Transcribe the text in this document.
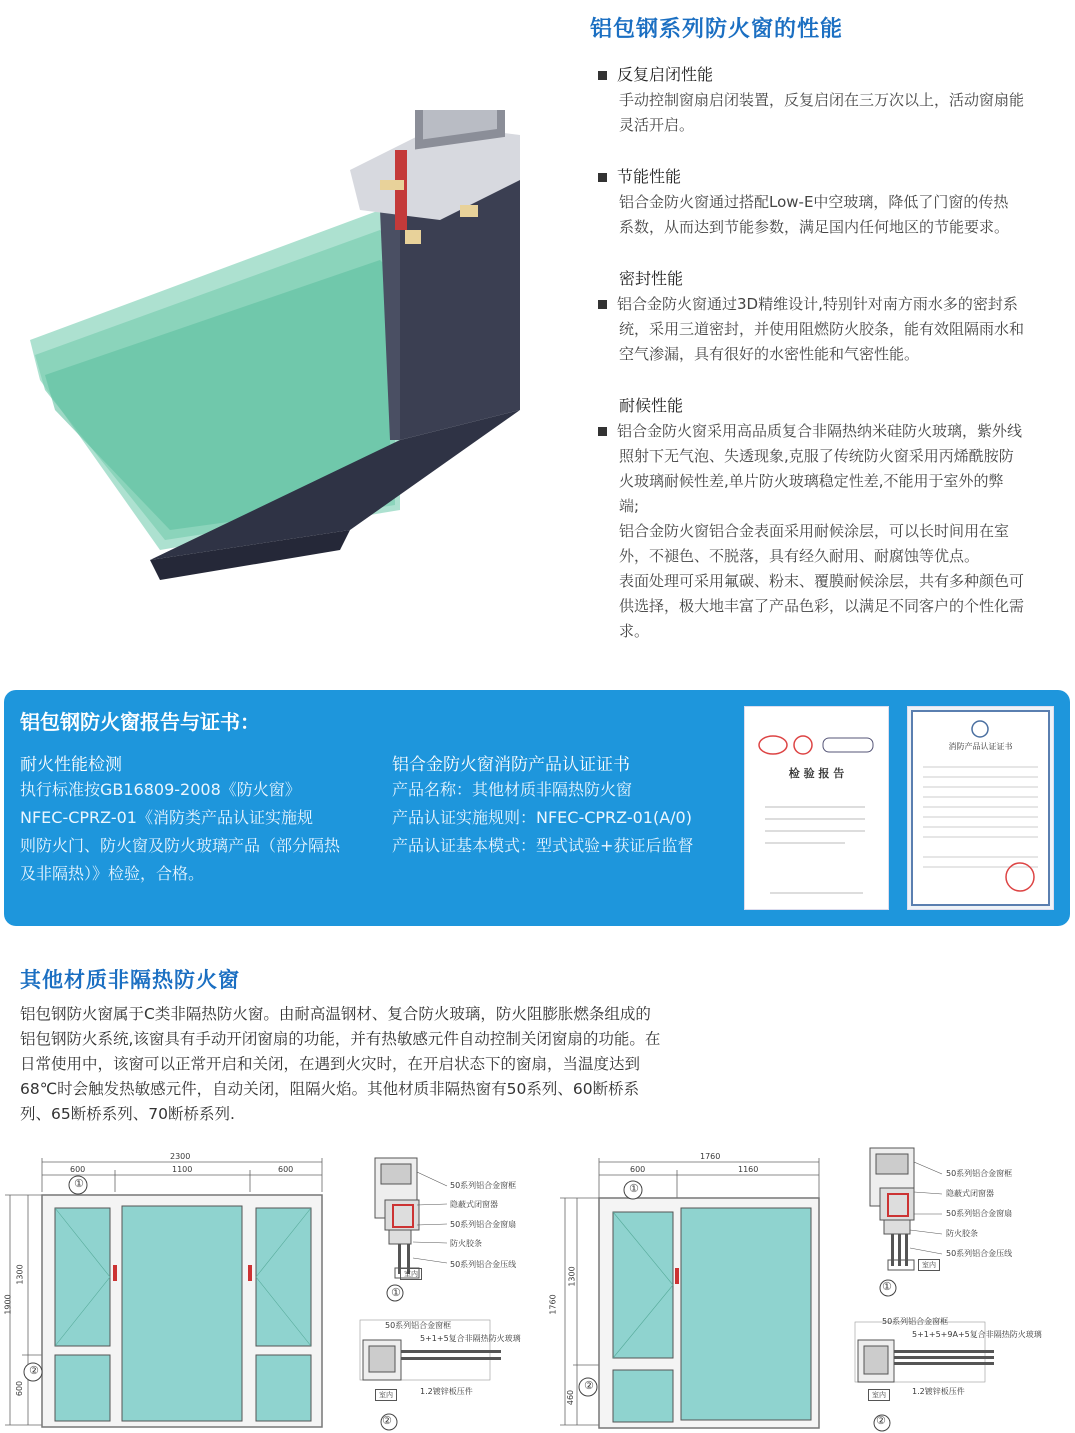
铝包钢系列防火窗的性能
反复启闭性能
手动控制窗扇启闭装置，反复启闭在三万次以上，活动窗扇能
灵活开启。
节能性能
铝合金防火窗通过搭配Low-E中空玻璃，降低了门窗的传热
系数，从而达到节能参数，满足国内任何地区的节能要求。
密封性能
铝合金防火窗通过3D精维设计,特别针对南方雨水多的密封系
统，采用三道密封，并使用阻燃防火胶条，能有效阻隔雨水和
空气渗漏，具有很好的水密性能和气密性能。
耐候性能
铝合金防火窗采用高品质复合非隔热纳米硅防火玻璃，紫外线
照射下无气泡、失透现象,克服了传统防火窗采用丙烯酰胺防
火玻璃耐候性差,单片防火玻璃稳定性差,不能用于室外的弊
端;
铝合金防火窗铝合金表面采用耐候涂层，可以长时间用在室
外，不褪色、不脱落，具有经久耐用、耐腐蚀等优点。
表面处理可采用氟碳、粉末、覆膜耐候涂层，共有多种颜色可
供选择，极大地丰富了产品色彩，以满足不同客户的个性化需
求。
铝包钢防火窗报告与证书：
耐火性能检测
执行标准按GB16809-2008《防火窗》
NFEC-CPRZ-01《消防类产品认证实施规
则防火门、防火窗及防火玻璃产品（部分隔热
及非隔热）》检验，合格。
铝合金防火窗消防产品认证证书
产品名称：其他材质非隔热防火窗
产品认证实施规则：NFEC-CPRZ-01(A/0)
产品认证基本模式：型式试验+获证后监督
检 验 报 告
消防产品认证证书
其他材质非隔热防火窗
铝包钢防火窗属于C类非隔热防火窗。由耐高温钢材、复合防火玻璃，防火阻膨胀燃条组成的
铝包钢防火系统,该窗具有手动开闭窗扇的功能，并有热敏感元件自动控制关闭窗扇的功能。在
日常使用中，该窗可以正常开启和关闭，在遇到火灾时，在开启状态下的窗扇，当温度达到
68℃时会触发热敏感元件，自动关闭，阻隔火焰。其他材质非隔热窗有50系列、60断桥系
列、65断桥系列、70断桥系列.
2300
600	1100	600
1900
1300
600
①
②
50系列铝合金窗框
隐蔽式闭窗器
50系列铝合金窗扇
防火胶条
50系列铝合金压线
室内
①
50系列铝合金窗框
5+1+5复合非隔热防火玻璃
室内	1.2镀锌板压件
②
1760
600	1160
1760
1300
460
①
②
50系列铝合金窗框
隐蔽式闭窗器
50系列铝合金窗扇
防火胶条
50系列铝合金压线
室内
①
50系列铝合金窗框
5+1+5+9A+5复合非隔热防火玻璃
室内	1.2镀锌板压件
②
